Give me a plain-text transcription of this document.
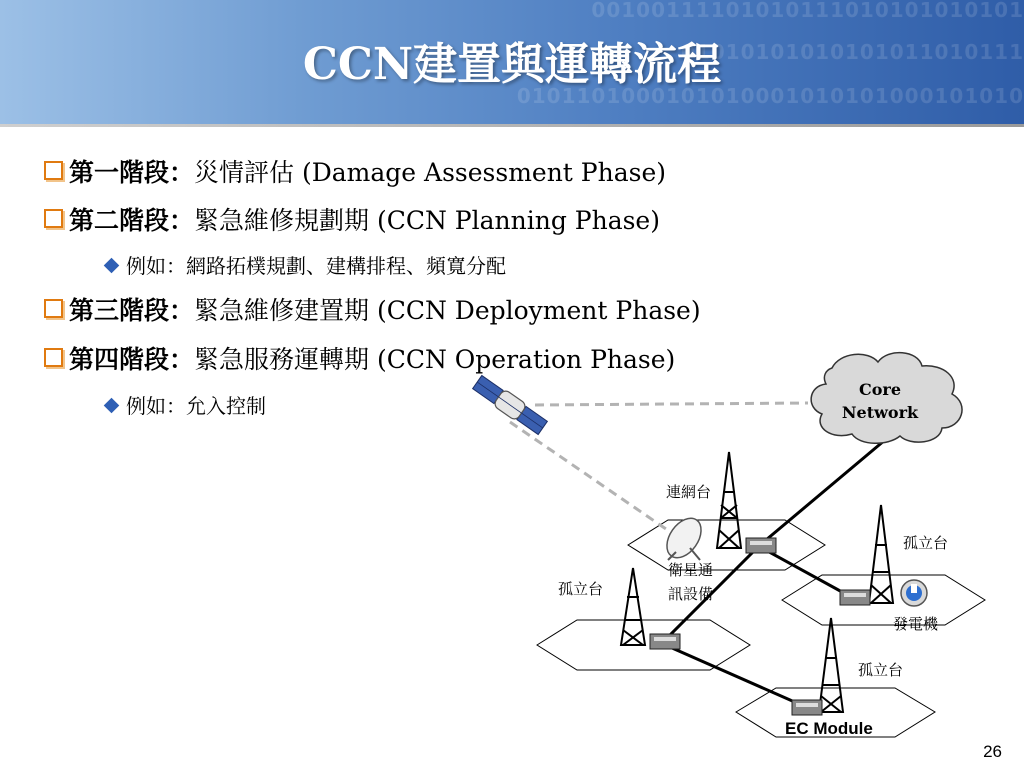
00100111101010111010101010101
01010101010101011010111
0101101000101010001010101000101010
CCN建置與運轉流程
第一階段：災情評估 (Damage Assessment Phase)
第二階段：緊急維修規劃期 (CCN Planning Phase)
例如：網路拓樸規劃、建構排程、頻寬分配
第三階段：緊急維修建置期 (CCN Deployment Phase)
第四階段：緊急服務運轉期 (CCN Operation Phase)
例如：允入控制
Core
Network
連網台
孤立台
孤立台
衛星通
訊設備
發電機
孤立台
EC Module
26
